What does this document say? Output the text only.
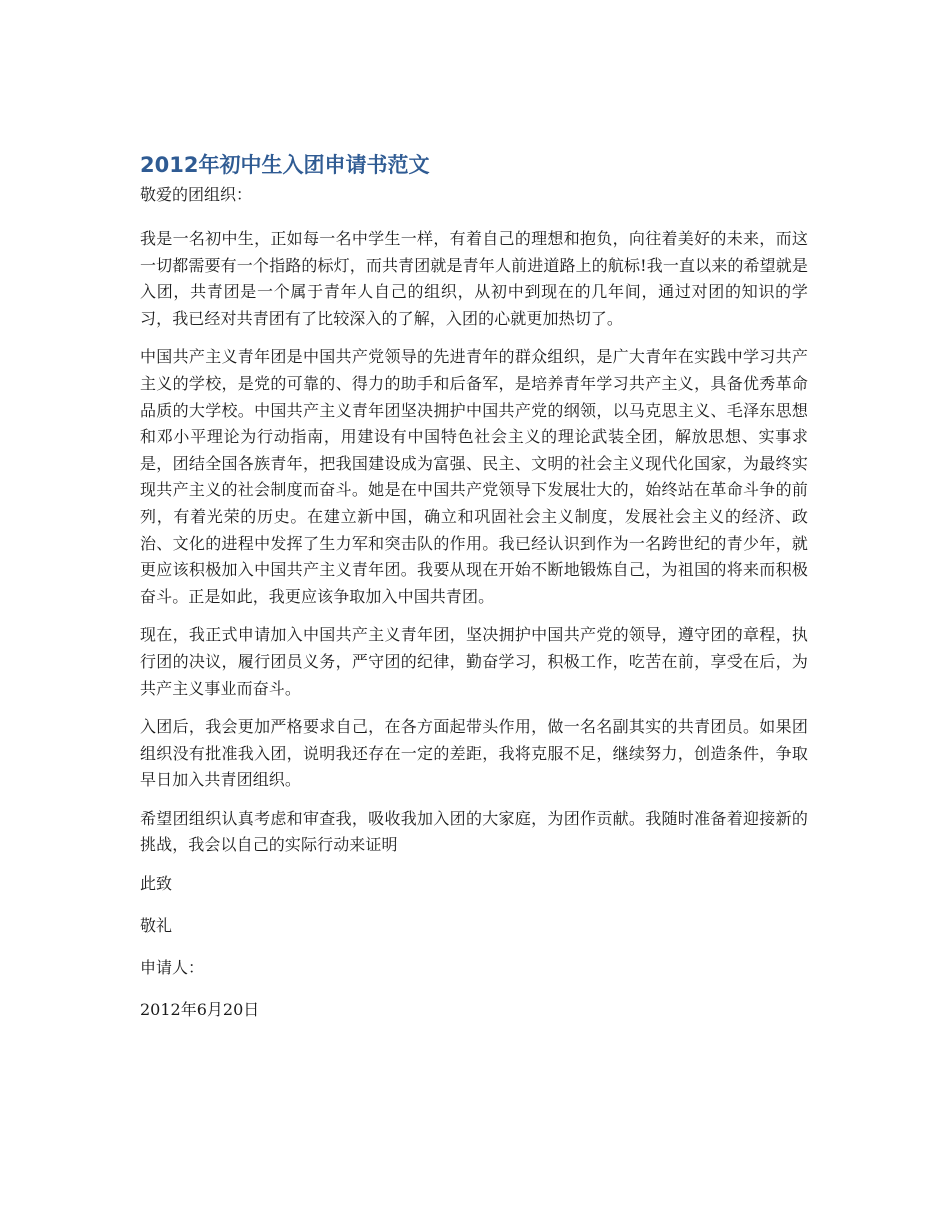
2012年初中生入团申请书范文

敬爱的团组织：

我是一名初中生，正如每一名中学生一样，有着自己的理想和抱负，向往着美好的未来，而这一切都需要有一个指路的标灯，而共青团就是青年人前进道路上的航标!我一直以来的希望就是入团，共青团是一个属于青年人自己的组织，从初中到现在的几年间，通过对团的知识的学习，我已经对共青团有了比较深入的了解，入团的心就更加热切了。

中国共产主义青年团是中国共产党领导的先进青年的群众组织，是广大青年在实践中学习共产主义的学校，是党的可靠的、得力的助手和后备军，是培养青年学习共产主义，具备优秀革命品质的大学校。中国共产主义青年团坚决拥护中国共产党的纲领，以马克思主义、毛泽东思想和邓小平理论为行动指南，用建设有中国特色社会主义的理论武装全团，解放思想、实事求是，团结全国各族青年，把我国建设成为富强、民主、文明的社会主义现代化国家，为最终实现共产主义的社会制度而奋斗。她是在中国共产党领导下发展壮大的，始终站在革命斗争的前列，有着光荣的历史。在建立新中国，确立和巩固社会主义制度，发展社会主义的经济、政治、文化的进程中发挥了生力军和突击队的作用。我已经认识到作为一名跨世纪的青少年，就更应该积极加入中国共产主义青年团。我要从现在开始不断地锻炼自己，为祖国的将来而积极奋斗。正是如此，我更应该争取加入中国共青团。

现在，我正式申请加入中国共产主义青年团，坚决拥护中国共产党的领导，遵守团的章程，执行团的决议，履行团员义务，严守团的纪律，勤奋学习，积极工作，吃苦在前，享受在后，为共产主义事业而奋斗。

入团后，我会更加严格要求自己，在各方面起带头作用，做一名名副其实的共青团员。如果团组织没有批准我入团，说明我还存在一定的差距，我将克服不足，继续努力，创造条件，争取早日加入共青团组织。

希望团组织认真考虑和审查我，吸收我加入团的大家庭，为团作贡献。我随时准备着迎接新的挑战，我会以自己的实际行动来证明

此致

敬礼

申请人：

2012年6月20日
